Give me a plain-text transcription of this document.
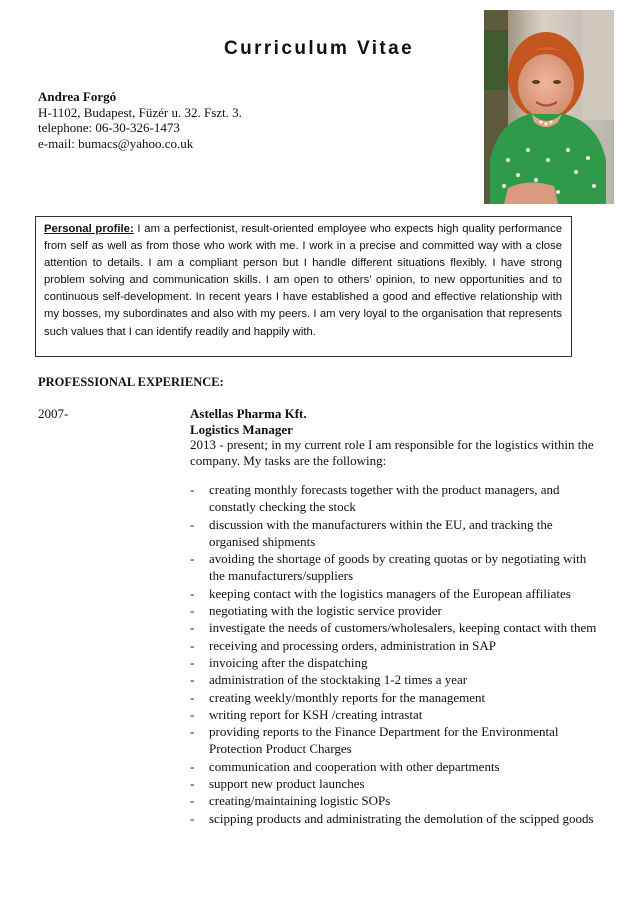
Curriculum Vitae
Andrea Forgó
H-1102, Budapest, Füzér u. 32. Fszt. 3.
telephone: 06-30-326-1473
e-mail: bumacs@yahoo.co.uk

Personal profile: I am a perfectionist, result-oriented employee who expects high quality performance from self as well as from those who work with me. I work in a precise and committed way with a close attention to details. I am a compliant person but I handle different situations flexibly. I have strong problem solving and communication skills. I am open to others’ opinion, to new opportunities and to continuous self-development. In recent years I have established a good and effective relationship with my bosses, my subordinates and also with my peers. I am very loyal to the organisation that represents such values that I can identify readily and happily with.

PROFESSIONAL EXPERIENCE:
2007-	Astellas Pharma Kft.
Logistics Manager

2013 - present; in my current role I am responsible for the logistics within the company. My tasks are the following:

- creating monthly forecasts together with the product managers, and constatly checking the stock
- discussion with the manufacturers within the EU, and tracking the organised shipments
- avoiding the shortage of goods by creating quotas or by negotiating with the manufacturers/suppliers
- keeping contact with the logistics managers of the European affiliates
- negotiating with the logistic service provider
- investigate the needs of customers/wholesalers, keeping contact with them
- receiving and processing orders, administration in SAP
- invoicing after the dispatching
- administration of the stocktaking 1-2 times a year
- creating weekly/monthly reports for the management
- writing report for KSH /creating intrastat
- providing reports to the Finance Department for the Environmental Protection Product Charges
- communication and cooperation with other departments
- support new product launches
- creating/maintaining logistic SOPs
- scipping products and administrating the demolution of the scipped goods
